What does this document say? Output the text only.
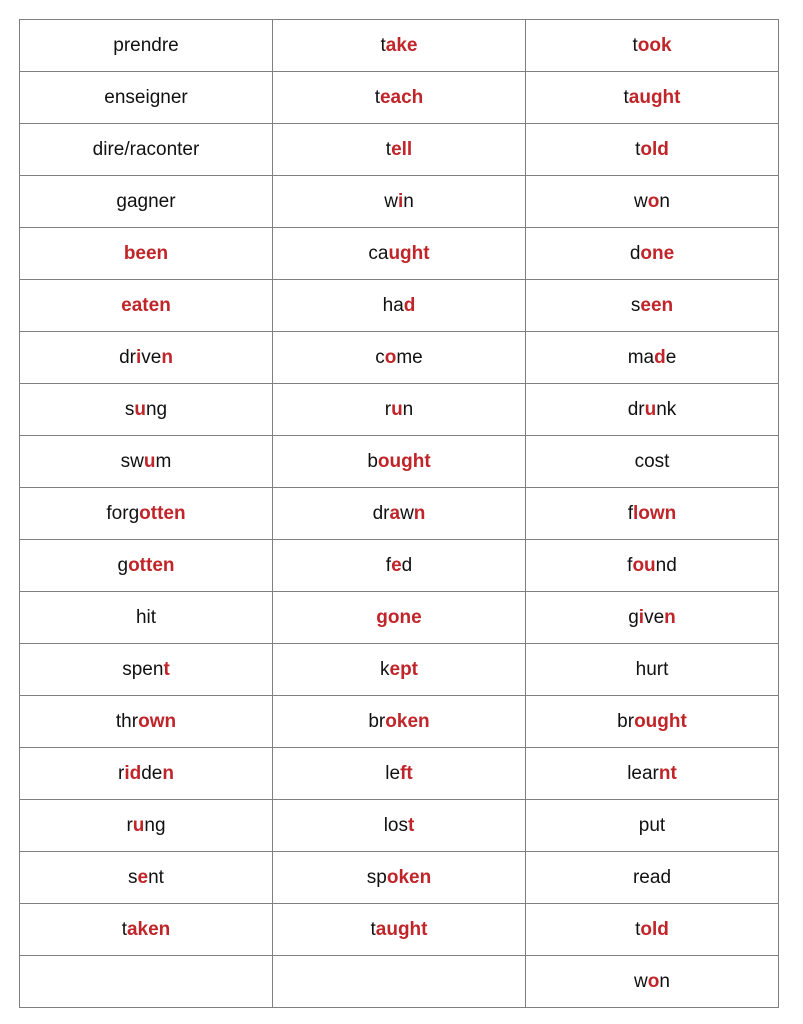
prendre	take	took
enseigner	teach	taught
dire/raconter	tell	told
gagner	win	won
been	caught	done
eaten	had	seen
driven	come	made
sung	run	drunk
swum	bought	cost
forgotten	drawn	flown
gotten	fed	found
hit	gone	given
spent	kept	hurt
thrown	broken	brought
ridden	left	learnt
rung	lost	put
sent	spoken	read
taken	taught	told
		won
